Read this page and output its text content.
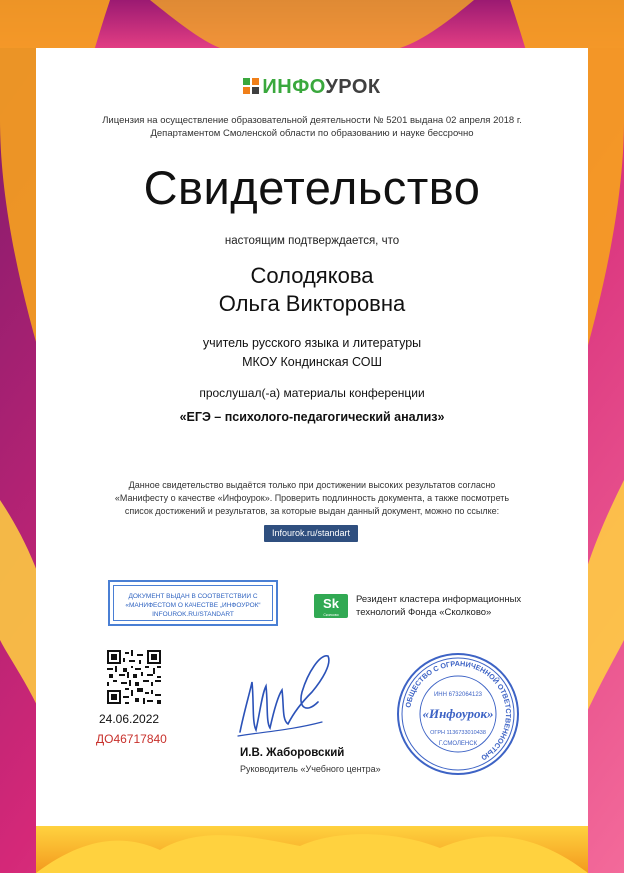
ИНФОУРОК
Лицензия на осуществление образовательной деятельности № 5201 выдана 02 апреля 2018 г. Департаментом Смоленской области по образованию и науке бессрочно
Свидетельство
настоящим подтверждается, что
Солодякова
Ольга Викторовна
учитель русского языка и литературы
МКОУ Кондинская СОШ
прослушал(-а) материалы конференции
«ЕГЭ – психолого-педагогический анализ»
Данное свидетельство выдаётся только при достижении высоких результатов согласно «Манифесту о качестве «Инфоурок». Проверить подлинность документа, а также посмотреть список достижений и результатов, за которые выдан данный документ, можно по ссылке:
Infourok.ru/standart
ДОКУМЕНТ ВЫДАН В СООТВЕТСТВИИ С
«МАНИФЕСТОМ О КАЧЕСТВЕ „ИНФОУРОК“
INFOUROK.RU/STANDART
Sk
Сколково
Резидент кластера информационных
технологий Фонда «Сколково»
24.06.2022
ДО46717840
И.В. Жаборовский
Руководитель «Учебного центра»
ОБЩЕСТВО С ОГРАНИЧЕННОЙ ОТВЕТСТВЕННОСТЬЮ
ИНН 6732064123
«Инфоурок»
ОГРН 1136733010438
Г.СМОЛЕНСК
